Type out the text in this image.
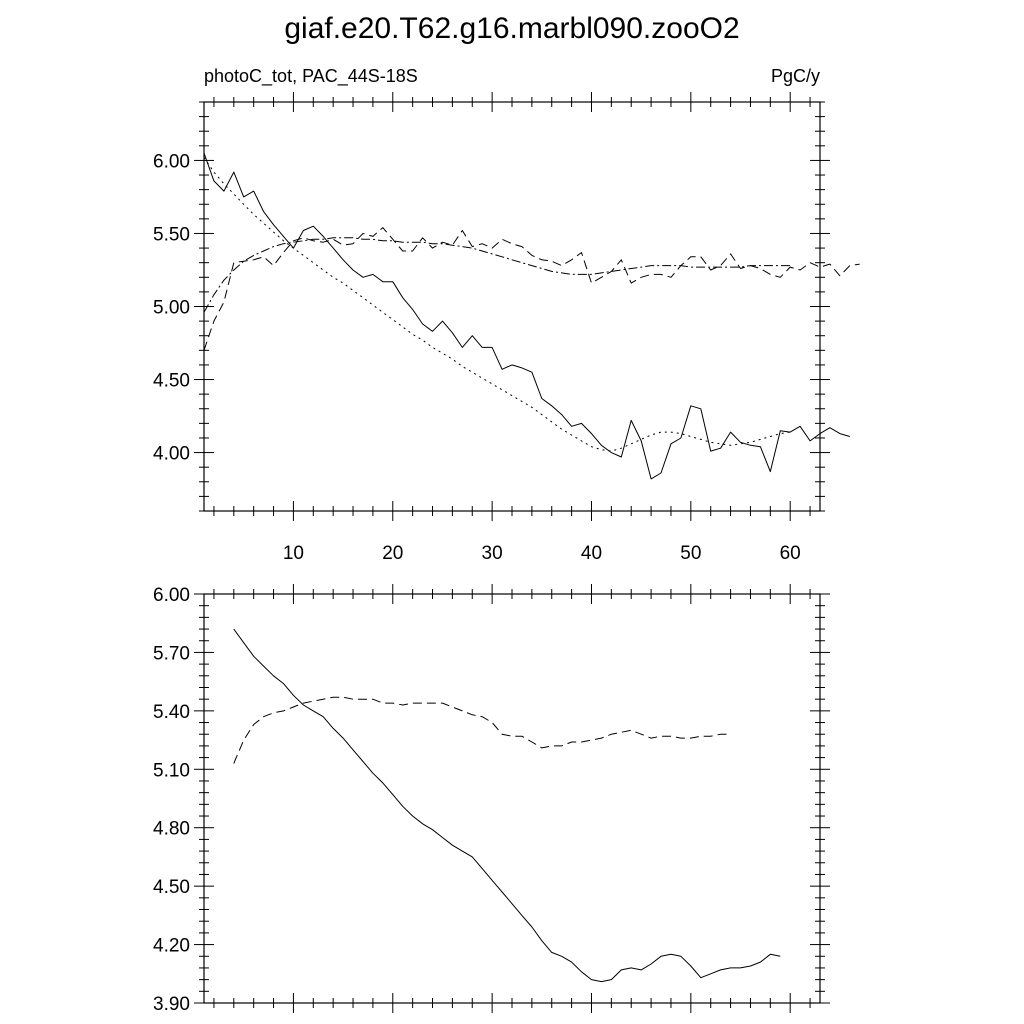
giaf.e20.T62.g16.marbl090.zooO2
photoC_tot, PAC_44S-18S	PgC/y
4.00
4.50
5.00
5.50
6.00
10	20	30	40	50	60
3.90
4.20
4.50
4.80
5.10
5.40
5.70
6.00
